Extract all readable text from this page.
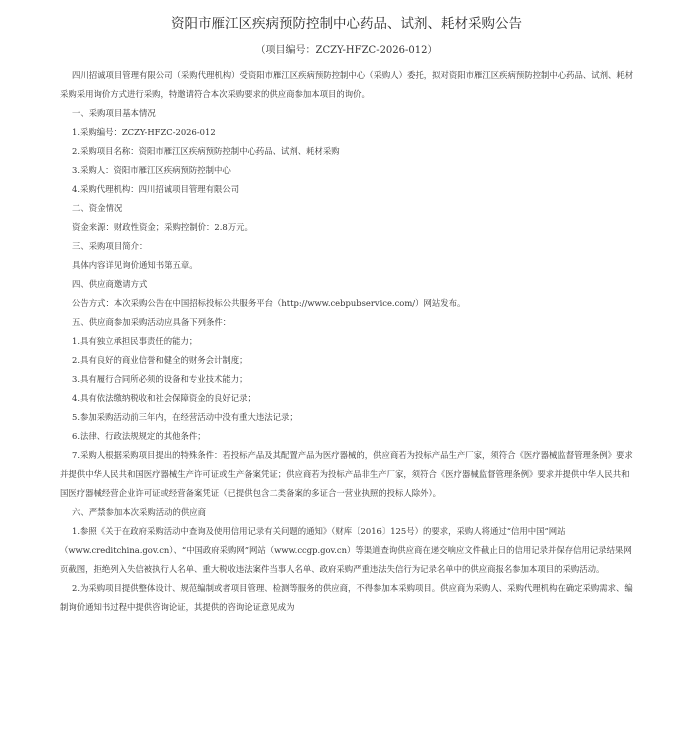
资阳市雁江区疾病预防控制中心药品、试剂、耗材采购公告
（项目编号：ZCZY-HFZC-2026-012）

四川招诚项目管理有限公司（采购代理机构）受资阳市雁江区疾病预防控制中心（采购人）委托，拟对资阳市雁江区疾病预防控制中心药品、试剂、耗材采购采用询价方式进行采购，特邀请符合本次采购要求的供应商参加本项目的询价。

一、采购项目基本情况

1.采购编号：ZCZY-HFZC-2026-012

2.采购项目名称：资阳市雁江区疾病预防控制中心药品、试剂、耗材采购

3.采购人：资阳市雁江区疾病预防控制中心

4.采购代理机构：四川招诚项目管理有限公司

二、资金情况

资金来源：财政性资金；采购控制价：2.8万元。

三、采购项目简介：

具体内容详见询价通知书第五章。

四、供应商邀请方式

公告方式：本次采购公告在中国招标投标公共服务平台（http://www.cebpubservice.com/）网站发布。

五、供应商参加采购活动应具备下列条件：

1.具有独立承担民事责任的能力；

2.具有良好的商业信誉和健全的财务会计制度；

3.具有履行合同所必须的设备和专业技术能力；

4.具有依法缴纳税收和社会保障资金的良好记录；

5.参加采购活动前三年内，在经营活动中没有重大违法记录；

6.法律、行政法规规定的其他条件；

7.采购人根据采购项目提出的特殊条件：若投标产品及其配置产品为医疗器械的，供应商若为投标产品生产厂家，须符合《医疗器械监督管理条例》要求并提供中华人民共和国医疗器械生产许可证或生产备案凭证；供应商若为投标产品非生产厂家，须符合《医疗器械监督管理条例》要求并提供中华人民共和国医疗器械经营企业许可证或经营备案凭证（已提供包含二类备案的多证合一营业执照的投标人除外）。

六、严禁参加本次采购活动的供应商

1.参照《关于在政府采购活动中查询及使用信用记录有关问题的通知》（财库〔2016〕125号）的要求，采购人将通过“信用中国”网站（www.creditchina.gov.cn）、“中国政府采购网”网站（www.ccgp.gov.cn）等渠道查询供应商在递交响应文件截止日的信用记录并保存信用记录结果网页截图，拒绝列入失信被执行人名单、重大税收违法案件当事人名单、政府采购严重违法失信行为记录名单中的供应商报名参加本项目的采购活动。

2.为采购项目提供整体设计、规范编制或者项目管理、检测等服务的供应商，不得参加本采购项目。供应商为采购人、采购代理机构在确定采购需求、编制询价通知书过程中提供咨询论证，其提供的咨询论证意见成为
